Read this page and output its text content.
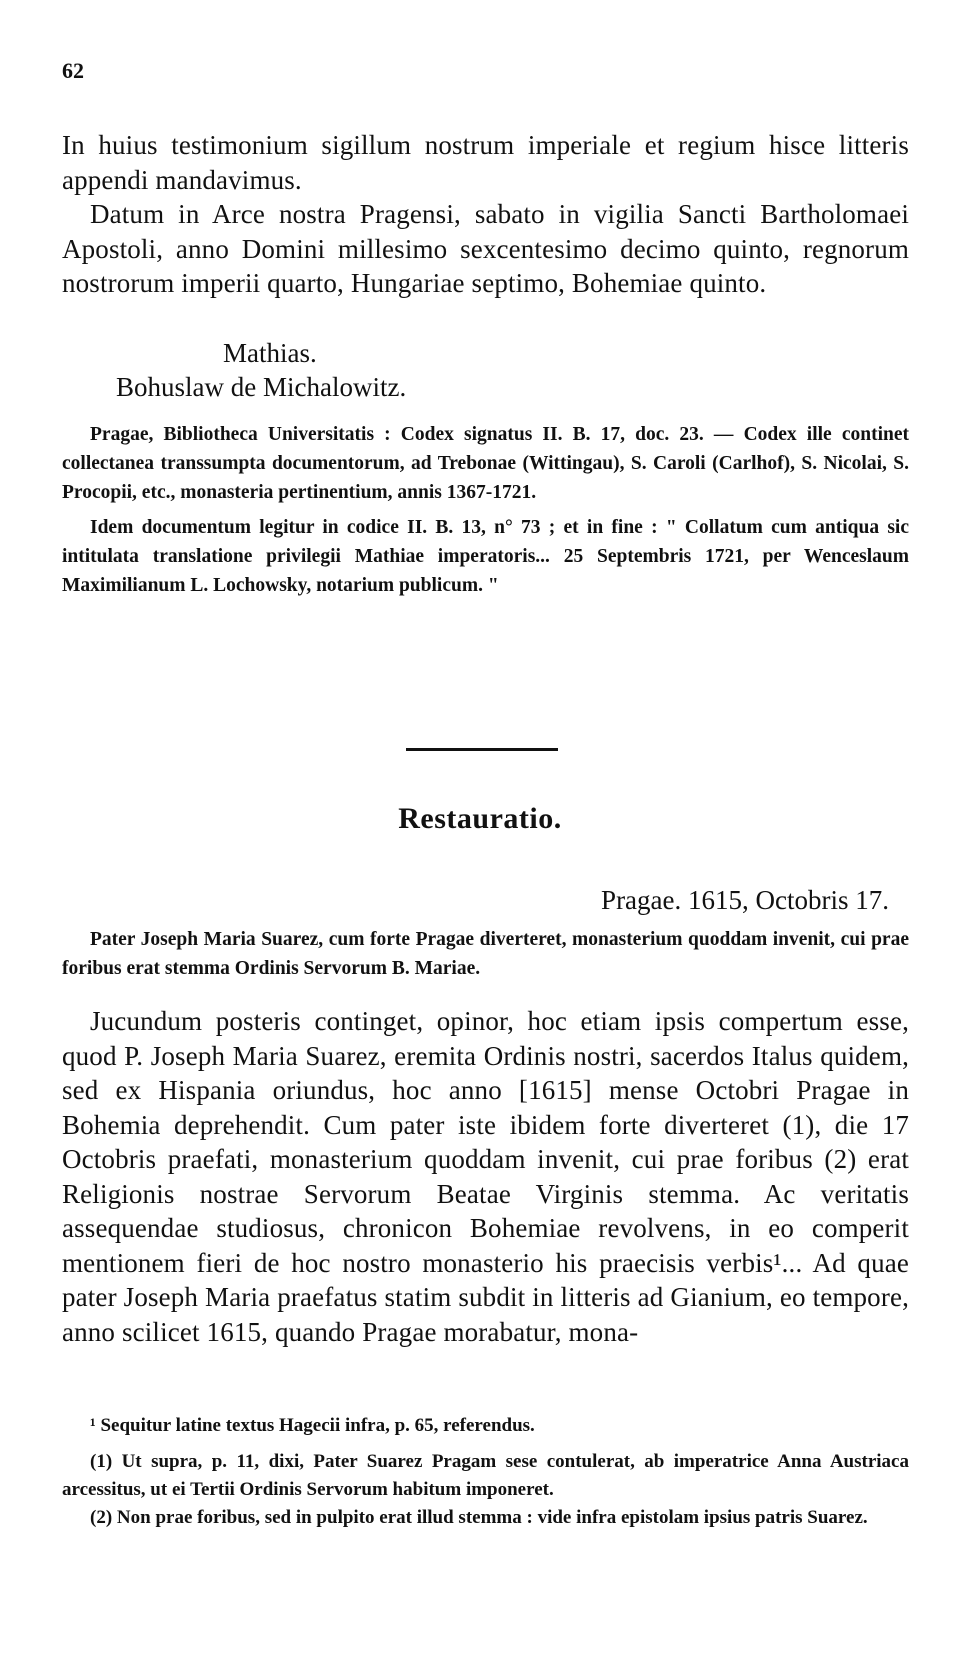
62

In huius testimonium sigillum nostrum imperiale et regium hisce litteris appendi mandavimus.

Datum in Arce nostra Pragensi, sabato in vigilia Sancti Bartholomaei Apostoli, anno Domini millesimo sexcentesimo decimo quinto, regnorum nostrorum imperii quarto, Hungariae septimo, Bohemiae quinto.

Mathias.
Bohuslaw de Michalowitz.

Pragae, Bibliotheca Universitatis : Codex signatus II. B. 17, doc. 23. — Codex ille continet collectanea transsumpta documentorum, ad Trebonae (Wittingau), S. Caroli (Carlhof), S. Nicolai, S. Procopii, etc., monasteria pertinentium, annis 1367-1721.

Idem documentum legitur in codice II. B. 13, n° 73 ; et in fine : " Collatum cum antiqua sic intitulata translatione privilegii Mathiae imperatoris... 25 Septembris 1721, per Wenceslaum Maximilianum L. Lochowsky, notarium publicum. "

Restauratio.
Pragae. 1615, Octobris 17.

Pater Joseph Maria Suarez, cum forte Pragae diverteret, monasterium quoddam invenit, cui prae foribus erat stemma Ordinis Servorum B. Mariae.

Jucundum posteris continget, opinor, hoc etiam ipsis compertum esse, quod P. Joseph Maria Suarez, eremita Ordinis nostri, sacerdos Italus quidem, sed ex Hispania oriundus, hoc anno [1615] mense Octobri Pragae in Bohemia deprehendit. Cum pater iste ibidem forte diverteret (1), die 17 Octobris praefati, monasterium quoddam invenit, cui prae foribus (2) erat Religionis nostrae Servorum Beatae Virginis stemma. Ac veritatis assequendae studiosus, chronicon Bohemiae revolvens, in eo comperit mentionem fieri de hoc nostro monasterio his praecisis verbis¹... Ad quae pater Joseph Maria praefatus statim subdit in litteris ad Gianium, eo tempore, anno scilicet 1615, quando Pragae morabatur, mona-

¹ Sequitur latine textus Hagecii infra, p. 65, referendus.

(1) Ut supra, p. 11, dixi, Pater Suarez Pragam sese contulerat, ab imperatrice Anna Austriaca arcessitus, ut ei Tertii Ordinis Servorum habitum imponeret.

(2) Non prae foribus, sed in pulpito erat illud stemma : vide infra epistolam ipsius patris Suarez.
